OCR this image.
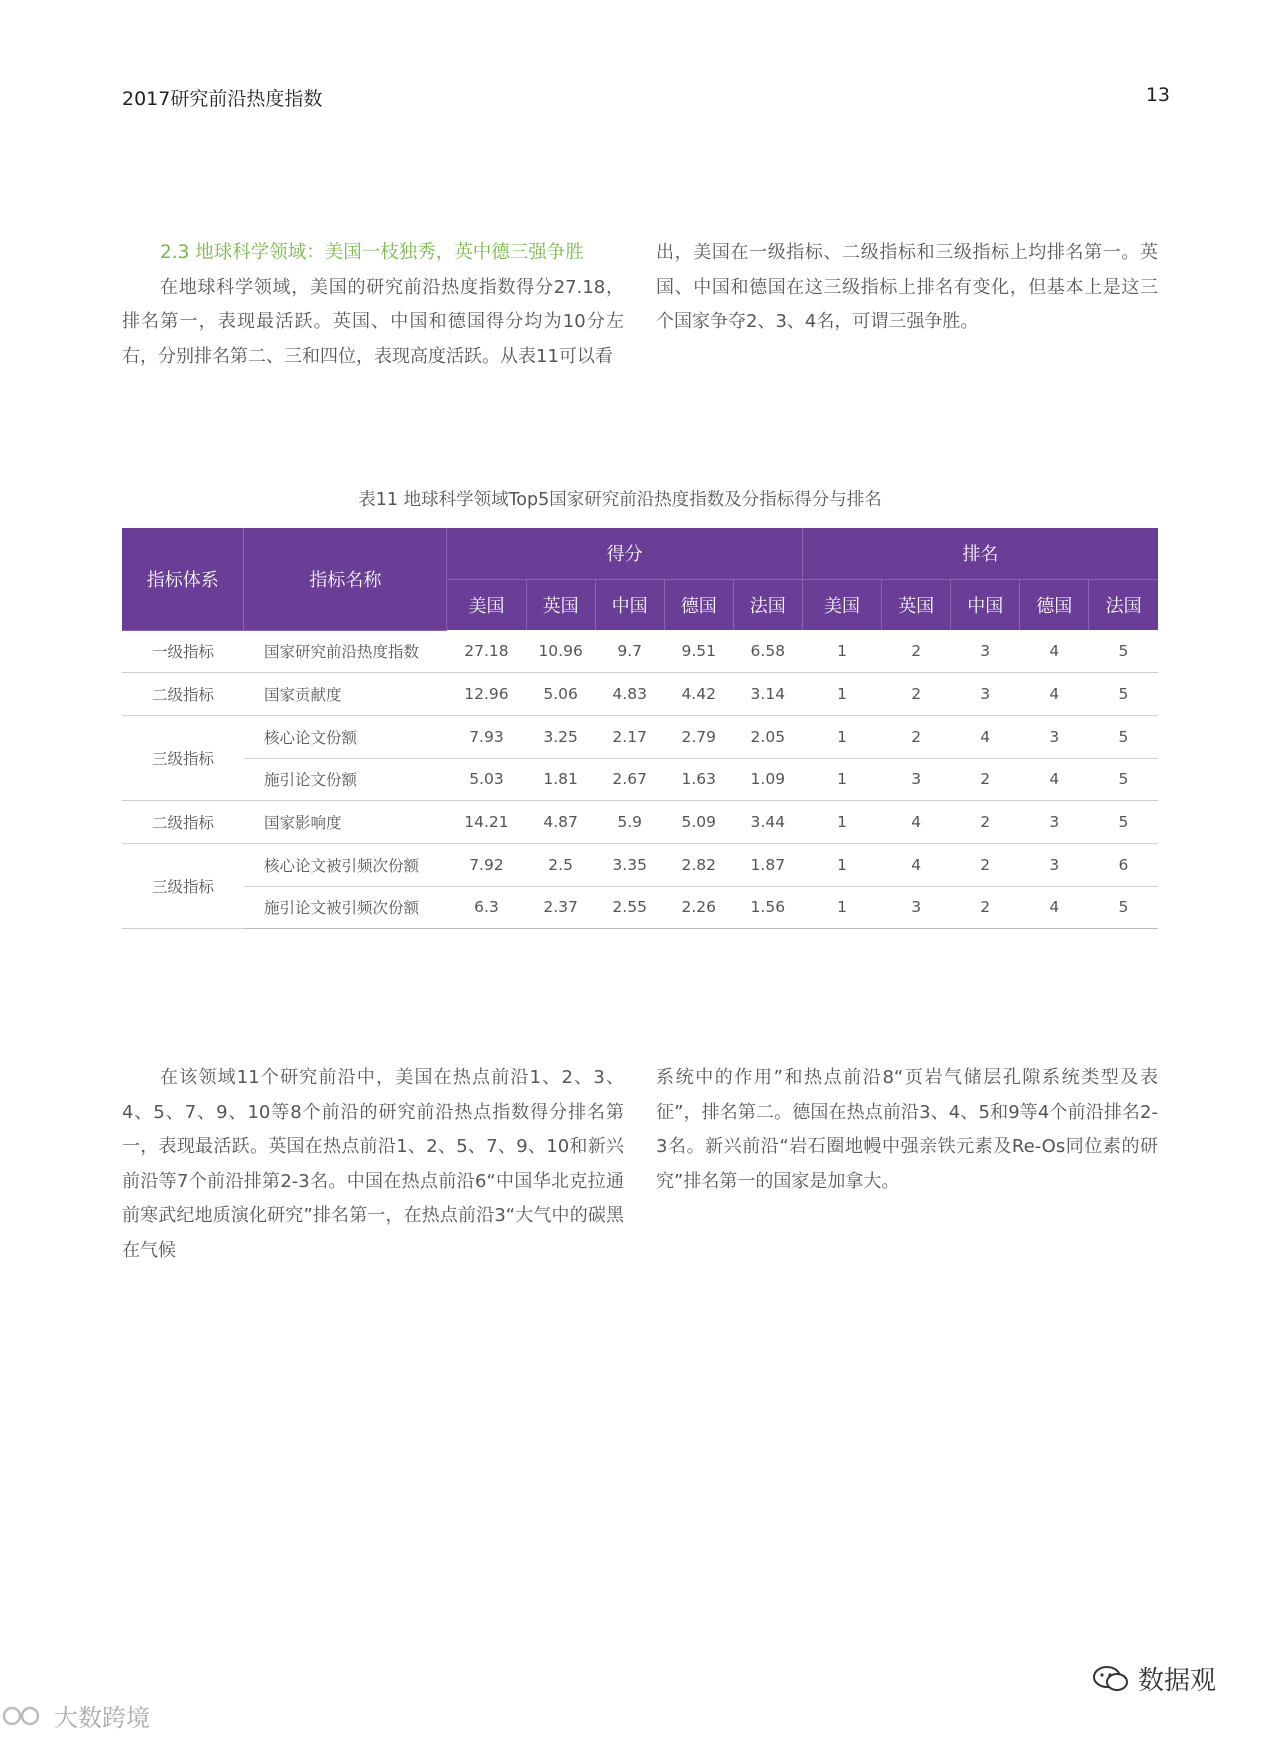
2017研究前沿热度指数	13
2.3 地球科学领域：美国一枝独秀，英中德三强争胜
在地球科学领域，美国的研究前沿热度指数得分27.18，排名第一，表现最活跃。英国、中国和德国得分均为10分左右，分别排名第二、三和四位，表现高度活跃。从表11可以看
出，美国在一级指标、二级指标和三级指标上均排名第一。英国、中国和德国在这三级指标上排名有变化，但基本上是这三个国家争夺2、3、4名，可谓三强争胜。
表11 地球科学领域Top5国家研究前沿热度指数及分指标得分与排名
指标体系	指标名称	得分					排名				
		美国	英国	中国	德国	法国	美国	英国	中国	德国	法国
一级指标	国家研究前沿热度指数	27.18	10.96	9.7	9.51	6.58	1	2	3	4	5
二级指标	国家贡献度	12.96	5.06	4.83	4.42	3.14	1	2	3	4	5
三级指标	核心论文份额	7.93	3.25	2.17	2.79	2.05	1	2	4	3	5
	施引论文份额	5.03	1.81	2.67	1.63	1.09	1	3	2	4	5
二级指标	国家影响度	14.21	4.87	5.9	5.09	3.44	1	4	2	3	5
三级指标	核心论文被引频次份额	7.92	2.5	3.35	2.82	1.87	1	4	2	3	6
	施引论文被引频次份额	6.3	2.37	2.55	2.26	1.56	1	3	2	4	5
在该领域11个研究前沿中，美国在热点前沿1、2、3、4、5、7、9、10等8个前沿的研究前沿热点指数得分排名第一，表现最活跃。英国在热点前沿1、2、5、7、9、10和新兴前沿等7个前沿排第2-3名。中国在热点前沿6“中国华北克拉通前寒武纪地质演化研究”排名第一，在热点前沿3“大气中的碳黑在气候
系统中的作用”和热点前沿8“页岩气储层孔隙系统类型及表征”，排名第二。德国在热点前沿3、4、5和9等4个前沿排名2-3名。新兴前沿“岩石圈地幔中强亲铁元素及Re-Os同位素的研究”排名第一的国家是加拿大。
数据观
大数跨境
